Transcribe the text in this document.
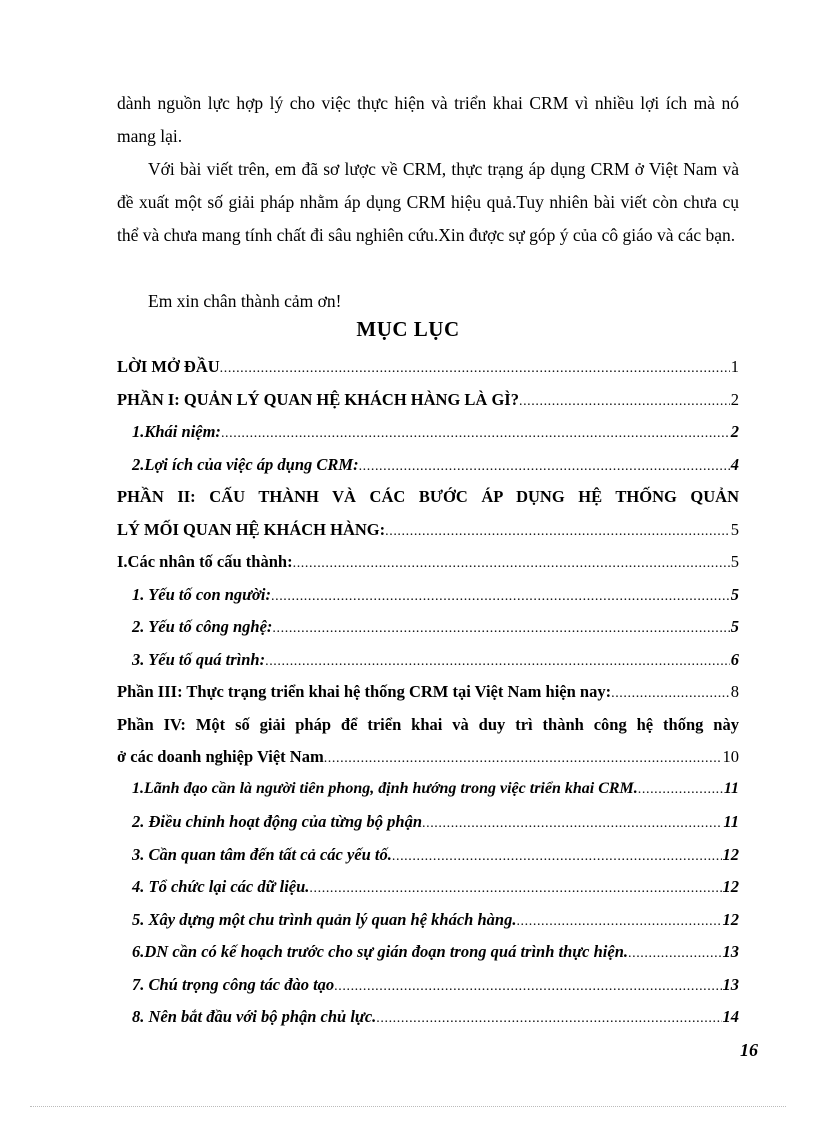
dành nguồn lực hợp lý cho việc thực hiện và triển khai CRM vì nhiều lợi ích mà nó mang lại.

Với bài viết trên, em đã sơ lược về CRM, thực trạng áp dụng CRM ở Việt Nam và đề xuất một số giải pháp nhằm áp dụng CRM hiệu quả.Tuy nhiên bài viết còn chưa cụ thể và chưa mang tính chất đi sâu nghiên cứu.Xin được sự góp ý của cô giáo và các bạn.

Em xin chân thành cảm ơn!

MỤC LỤC
LỜI MỞ ĐẦU .....	1
PHẦN I: QUẢN LÝ QUAN HỆ KHÁCH HÀNG LÀ GÌ? .....	2
1.Khái niệm: .....	2
2.Lợi ích của việc áp dụng CRM: .....	4
PHẦN II: CẤU THÀNH VÀ CÁC BƯỚC ÁP DỤNG HỆ THỐNG QUẢN
LÝ MỐI QUAN HỆ KHÁCH HÀNG: .....	5
I.Các nhân tố cấu thành: .....	5
1. Yếu tố con người: .....	5
2. Yếu tố công nghệ: .....	5
3. Yếu tố quá trình: .....	6
Phần III: Thực trạng triển khai hệ thống CRM tại Việt Nam hiện nay: .....	8
Phần IV: Một số giải pháp để triển khai và duy trì thành công hệ thống này
ở các doanh nghiệp Việt Nam .....	10
1.Lãnh đạo cần là người tiên phong, định hướng trong việc triển khai CRM. .....	11
2. Điều chỉnh hoạt động của từng bộ phận .....	11
3. Cần quan tâm đến tất cả các yếu tố. .....	12
4. Tổ chức lại các dữ liệu. .....	12
5. Xây dựng một chu trình quản lý quan hệ khách hàng. .....	12
6.DN cần có kế hoạch trước cho sự gián đoạn trong quá trình thực hiện. .....	13
7. Chú trọng công tác đào tạo .....	13
8. Nên bắt đầu với bộ phận chủ lực. .....	14
16
